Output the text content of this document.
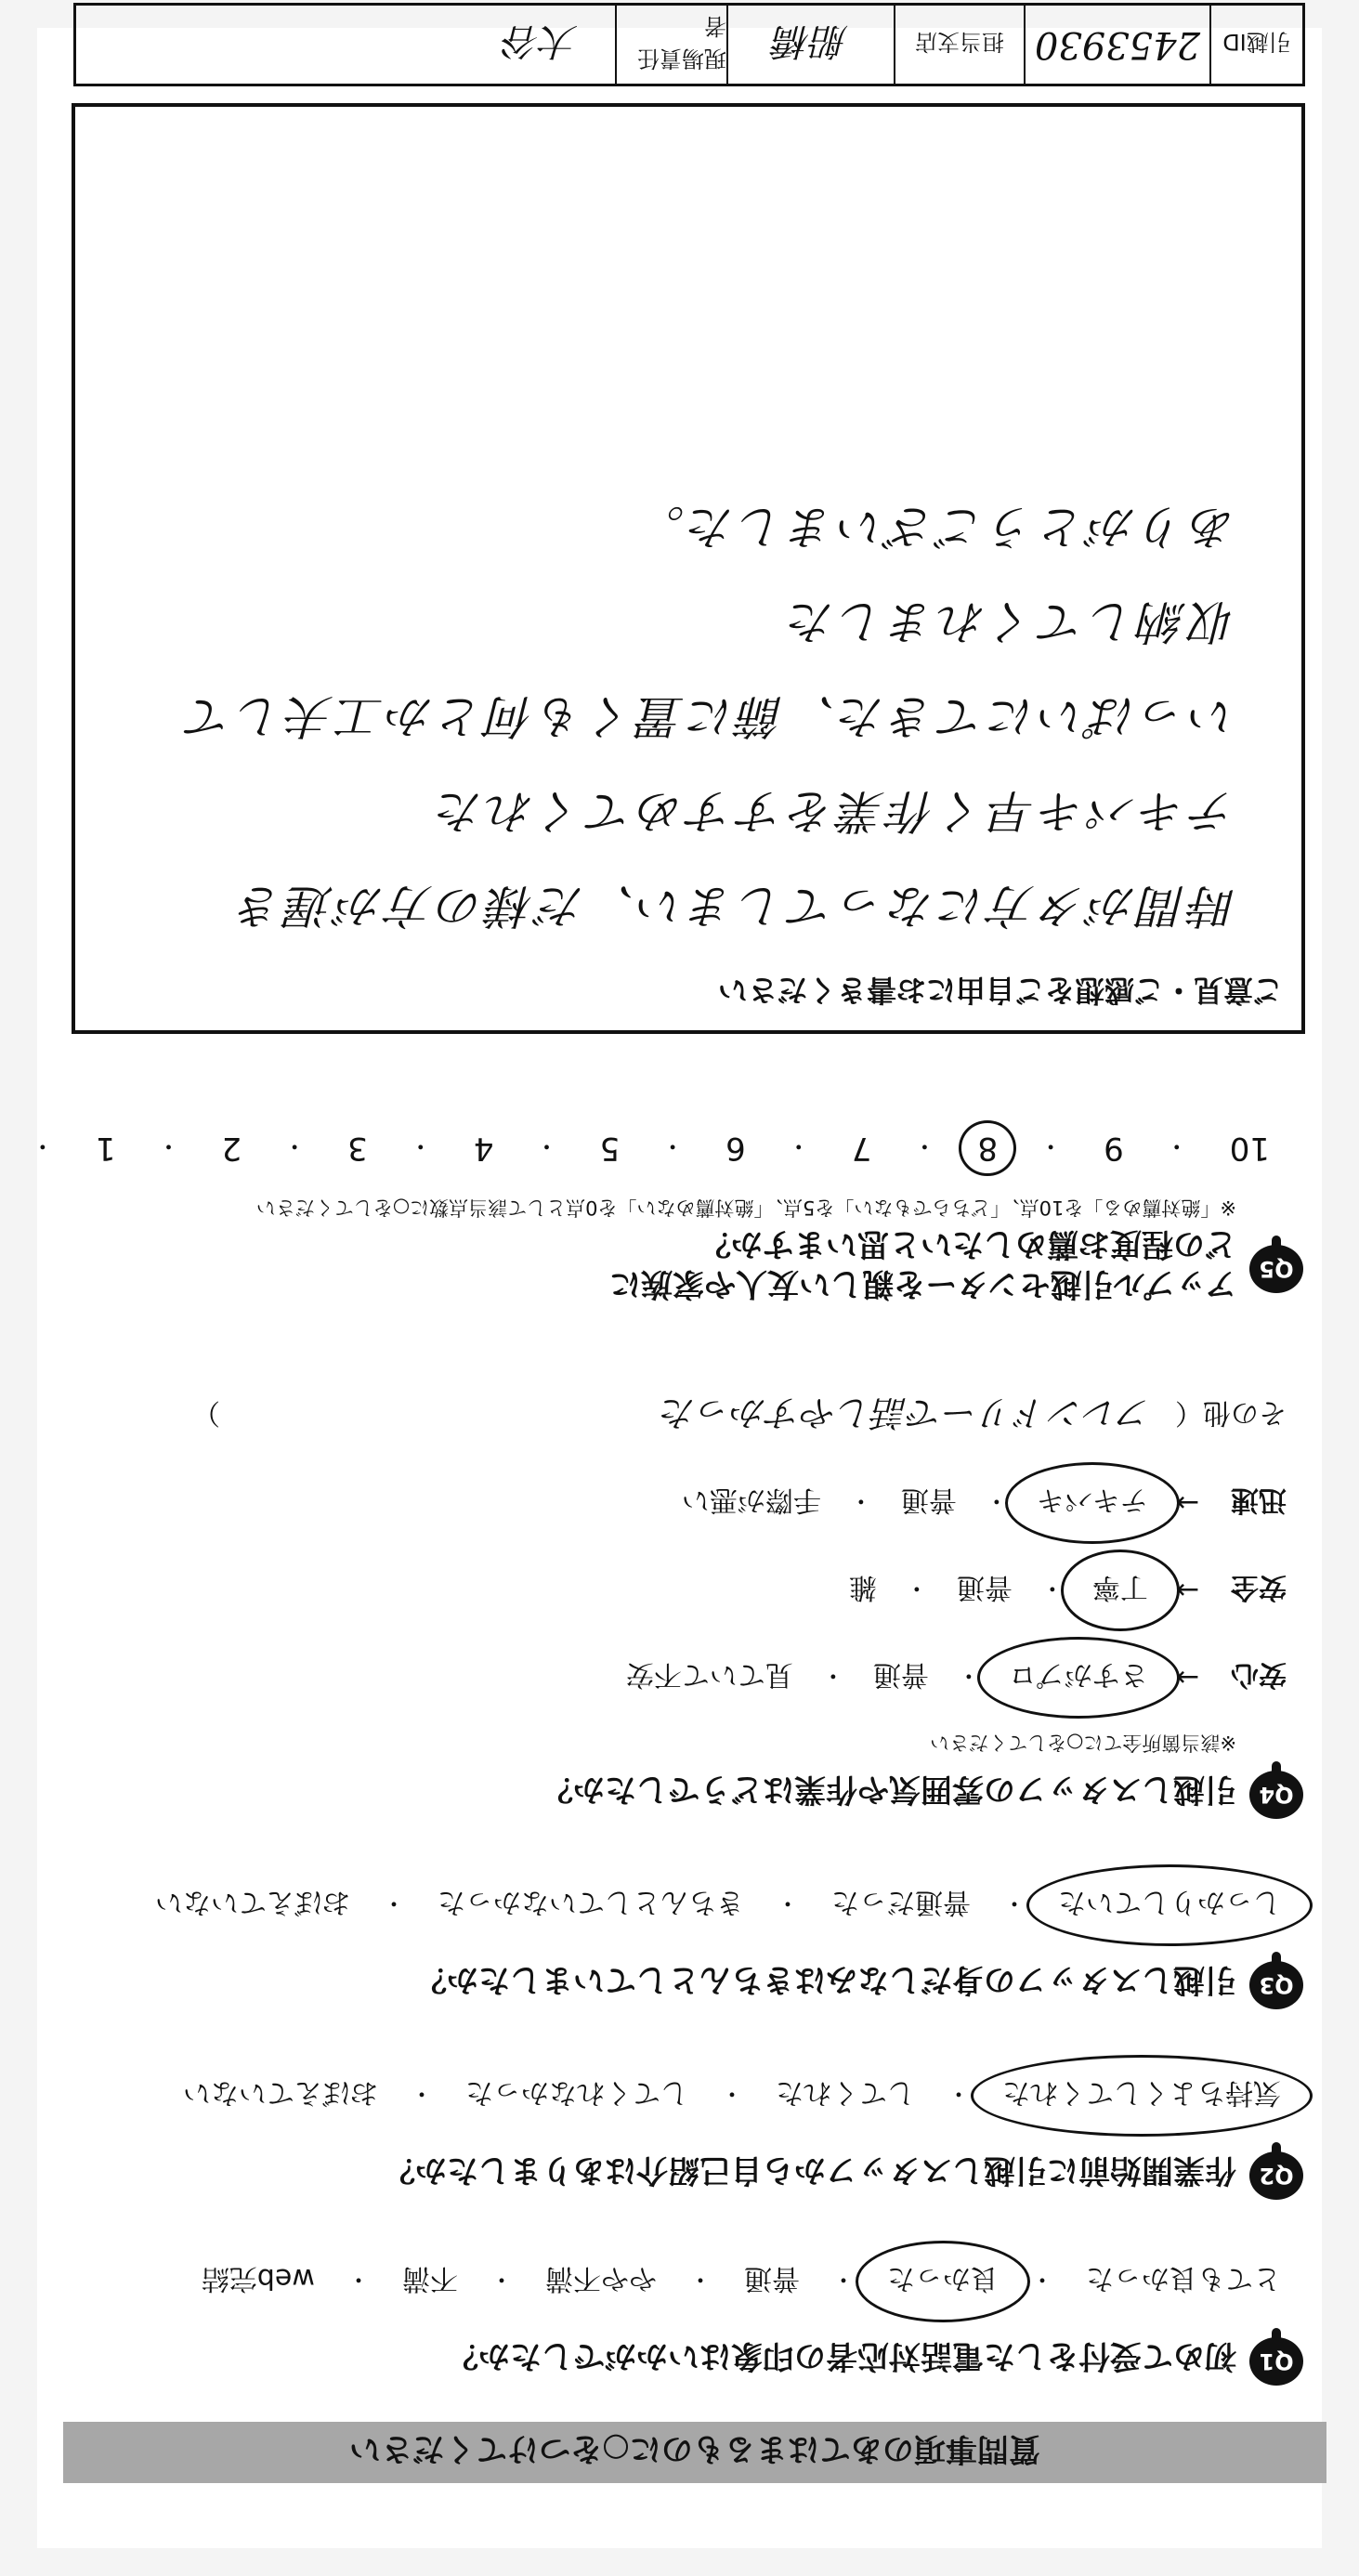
質問事項のあてはまるものに○をつけてください
Q1
初めて受付をした電話対応者の印象はいかがでしたか？
とても良かった
・
良かった
・
普通
・
やや不満
・
不満
・
web完結
Q2
作業開始前に引越しスタッフから自己紹介はありましたか？
気持ちよくしてくれた
・
してくれた
・
してくれなかった
・
おぼえていない
Q3
引越しスタッフの身だしなみはきちんとしていましたか？
しっかりしていた
・
普通だった
・
きちんとしていなかった
・
おぼえていない
Q4
引越しスタッフの雰囲気や作業はどうでしたか？
※該当箇所全てに○をしてください
安心
→
さすがプロ
・
普通
・
見ていて不安
安全
→
丁寧
・
普通
・
雑
迅速
→
テキパキ
・
普通
・
手際が悪い
その他（
フレンドリーで話しやすかった
）
Q5
アップル引越センターを親しい友人や家族に
どの程度お薦めしたいと思いますか？
※「絶対薦める」を10点、「どちらでもない」を5点、「絶対薦めない」を0点として該当点数に○をしてください
10
・
9
・
8
・
7
・
6
・
5
・
4
・
3
・
2
・
1
・
ご意見・ご感想をご自由にお書きください
時間がタ方になってしまい、だ様の方が遅き
テキパキ早く作業をすすめてくれた
いっぱいにてきた、篩に置くも何とか工夫して
収納してくれました
ありがとうございました。
引越ID
2453930
担当支店
船橋
現場責任者
大谷
